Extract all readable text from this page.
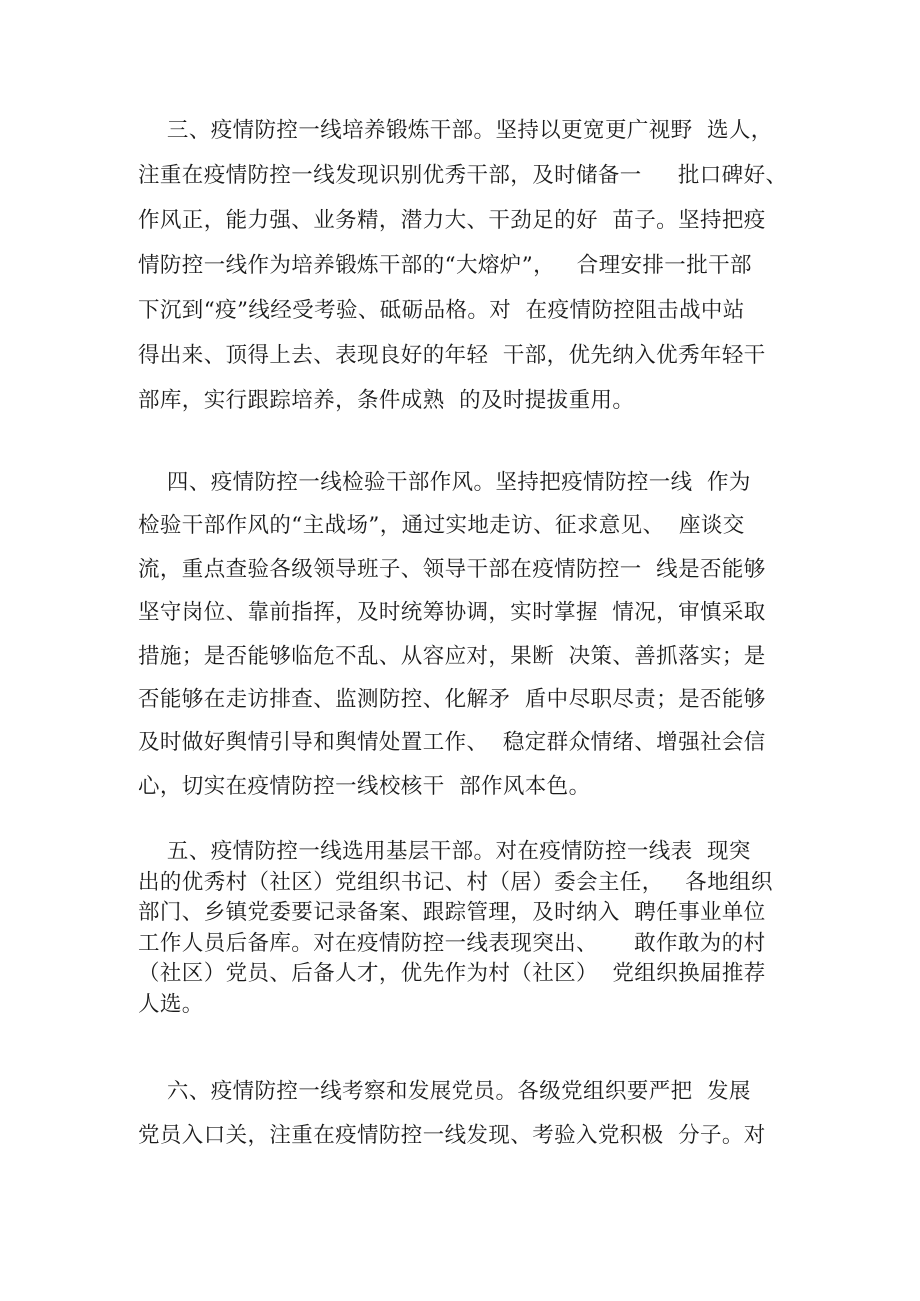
三、疫情防控一线培养锻炼干部。坚持以更宽更广视野  选人，
注重在疫情防控一线发现识别优秀干部，及时储备一     批口碑好、
作风正，能力强、业务精，潜力大、干劲足的好  苗子。坚持把疫
情防控一线作为培养锻炼干部的“大熔炉”，   合理安排一批干部
下沉到“疫”线经受考验、砥砺品格。对  在疫情防控阻击战中站
得出来、顶得上去、表现良好的年轻  干部，优先纳入优秀年轻干
部库，实行跟踪培养，条件成熟  的及时提拔重用。
四、疫情防控一线检验干部作风。坚持把疫情防控一线  作为
检验干部作风的“主战场”，通过实地走访、征求意见、  座谈交
流，重点查验各级领导班子、领导干部在疫情防控一  线是否能够
坚守岗位、靠前指挥，及时统筹协调，实时掌握  情况，审慎采取
措施；是否能够临危不乱、从容应对，果断  决策、善抓落实；是
否能够在走访排查、监测防控、化解矛  盾中尽职尽责；是否能够
及时做好舆情引导和舆情处置工作、  稳定群众情绪、增强社会信
心，切实在疫情防控一线校核干  部作风本色。
五、疫情防控一线选用基层干部。对在疫情防控一线表  现突
出的优秀村（社区）党组织书记、村（居）委会主任，   各地组织
部门、乡镇党委要记录备案、跟踪管理，及时纳入  聘任事业单位
工作人员后备库。对在疫情防控一线表现突出、     敢作敢为的村
（社区）党员、后备人才，优先作为村（社区）  党组织换届推荐
人选。
六、疫情防控一线考察和发展党员。各级党组织要严把  发展
党员入口关，注重在疫情防控一线发现、考验入党积极  分子。对
